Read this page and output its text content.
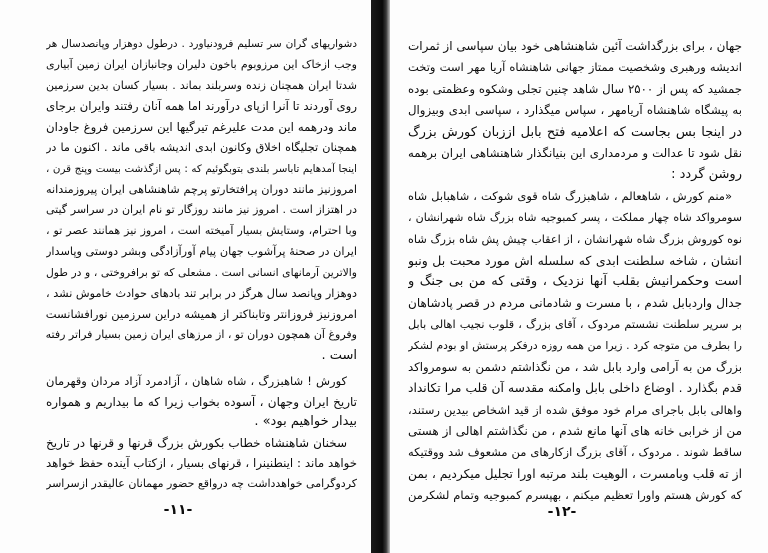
دشواریهای گران سر تسلیم فرودنیاورد . درطول دوهزار وپانصدسال هر
وجب ازخاک این مرزوبوم باخون دلیران وجانبازان ایران زمین آبیاری
شدتا ایران همچنان زنده وسربلند بماند . بسیار کسان بدین سرزمین
روی آوردند تا آنرا ازپای درآورند اما همه آنان رفتند وایران برجای
ماند ودرهمه این مدت علیرغم تیرگیها این سرزمین فروغ جاودان
همچنان تجلیگاه اخلاق وکانون ابدی اندیشه باقی ماند . اکنون ما در
اینجا آمدهایم تاباسر بلندی بتوبگوئیم که : پس ازگذشت بیست وپنج قرن ،
امروزنیز مانند دوران پرافتخارتو پرچم شاهنشاهی ایران پیروزمندانه
در اهتزاز است . امروز نیز مانند روزگار تو نام ایران در سراسر گیتی
وبا احترام، وستایش بسیار آمیخته است ، امروز نیز همانند عصر تو ،
ایران در صحنهٔ پرآشوب جهان پیام آورآزادگی وبشر دوستی وپاسدار
والاترین آرمانهای انسانی است . مشعلی که تو برافروختی ، و در طول
دوهزار وپانصد سال هرگز در برابر تند بادهای حوادث خاموش نشد ،
امروزنیز فروزانتر وتابناکتر از همیشه دراین سرزمین نورافشانست
وفروغ آن همچون دوران تو ، از مرزهای ایران زمین بسیار فراتر رفته
است .
کورش ! شاهبزرگ ، شاه شاهان ، آزادمرد آزاد مردان وقهرمان
تاریخ ایران وجهان ، آسوده بخواب زیرا که ما بیداریم و همواره
بیدار خواهیم بود» .
سخنان شاهنشاه خطاب بکورش بزرگ قرنها و قرنها در تاریخ
خواهد ماند : اینطنینرا ، قرنهای بسیار ، ازکتاب آینده حفظ خواهد
کردوگرامی خواهدداشت چه درواقع حضور مهمانان عالیقدر ازسراسر
-۱۱-
جهان ، برای بزرگداشت آئین شاهنشاهی خود بیان سپاسی از ثمرات
اندیشه ورهبری وشخصیت ممتاز جهانی شاهنشاه آریا مهر است وتخت
جمشید که پس از ۲۵۰۰ سال شاهد چنین تجلی وشکوه وعظمتی بوده
به پیشگاه شاهنشاه آریامهر ، سپاس میگذارد ، سپاسی ابدی وبیزوال
در اینجا بس بجاست که اعلامیه فتح بابل اززبان کورش بزرگ
نقل شود تا عدالت و مردمداری این بنیانگذار شاهنشاهی ایران برهمه
روشن گردد :
«منم کورش ، شاهعالم ، شاهبزرگ شاه قوی شوکت ، شاهبابل شاه
سومرواکد شاه چهار مملکت ، پسر کمبوجیه شاه بزرگ شاه شهرانشان ،
نوه کوروش بزرگ شاه شهرانشان ، از اعقاب چیش پش شاه بزرگ شاه
انشان ، شاخه سلطنت ابدی که سلسله اش مورد محبت بل ونبو
است وحکمرانیش بقلب آنها نزدیک ، وقتی که من بی جنگ و
جدال واردبابل شدم ، با مسرت و شادمانی مردم در قصر پادشاهان
بر سریر سلطنت نشستم مردوک ، آقای بزرگ ، قلوب نجیب اهالی بابل
را بطرف من متوجه کرد . زیرا من همه روزه درفکر پرستش او بودم لشکر
بزرگ من به آرامی وارد بابل شد ، من نگذاشتم دشمن به سومرواکد
قدم بگذارد . اوضاع داخلی بابل وامکنه مقدسه آن قلب مرا تکانداد
واهالی بابل باجرای مرام خود موفق شده از قید اشخاص بیدین رستند،
من از خرابی خانه های آنها مانع شدم ، من نگذاشتم اهالی از هستی
ساقط شوند . مردوک ، آقای بزرگ ازکارهای من مشعوف شد ووقتیکه
از ته قلب وبامسرت ، الوهیت بلند مرتبه اورا تجلیل میکردیم ، بمن
که کورش هستم واورا تعظیم میکنم ، بهپسرم کمبوجیه وتمام لشکرمن
-۱۲-
